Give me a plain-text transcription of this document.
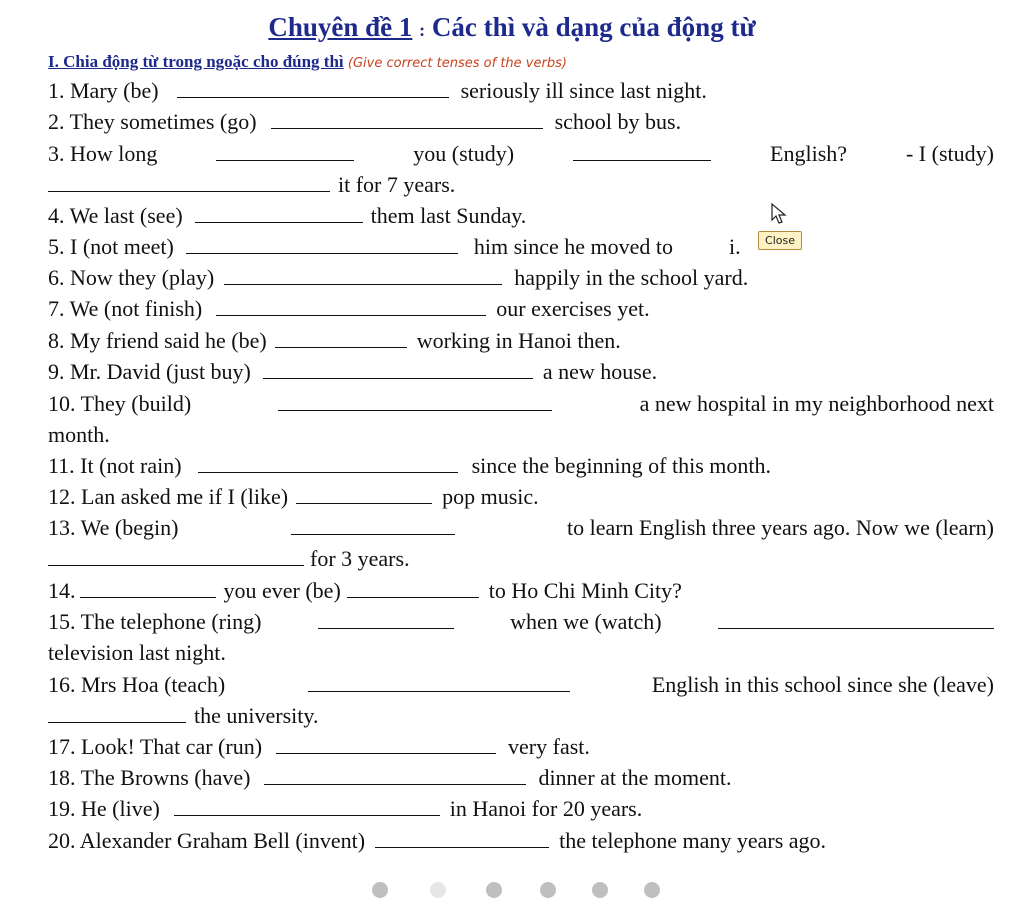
Chuyên đề 1 : Các thì và dạng của động từ
I. Chia động từ trong ngoặc cho đúng thì (Give correct tenses of the verbs)
1. Mary (be)	seriously ill since last night.
2. They sometimes (go)	school by bus.
3. How long	you (study)	English?	- I (study)
it for 7 years.
4. We last (see)	them last Sunday.
5. I (not meet)	him since he moved to	i.
6. Now they (play)	happily in the school yard.
7. We (not finish)	our exercises yet.
8. My friend said he (be)	working in Hanoi then.
9. Mr. David (just buy)	a new house.
10. They (build)	a new hospital in my neighborhood next
month.
11. It (not rain)	since the beginning of this month.
12. Lan asked me if I (like)	pop music.
13. We (begin)	to learn English three years ago. Now we (learn)
for 3 years.
14.	you ever (be)	to Ho Chi Minh City?
15. The telephone (ring)	when we (watch)
television last night.
16. Mrs Hoa (teach)	English in this school since she (leave)
the university.
17. Look! That car (run)	very fast.
18. The Browns (have)	dinner at the moment.
19. He (live)	in Hanoi for 20 years.
20. Alexander Graham Bell (invent)	the telephone many years ago.
Close
